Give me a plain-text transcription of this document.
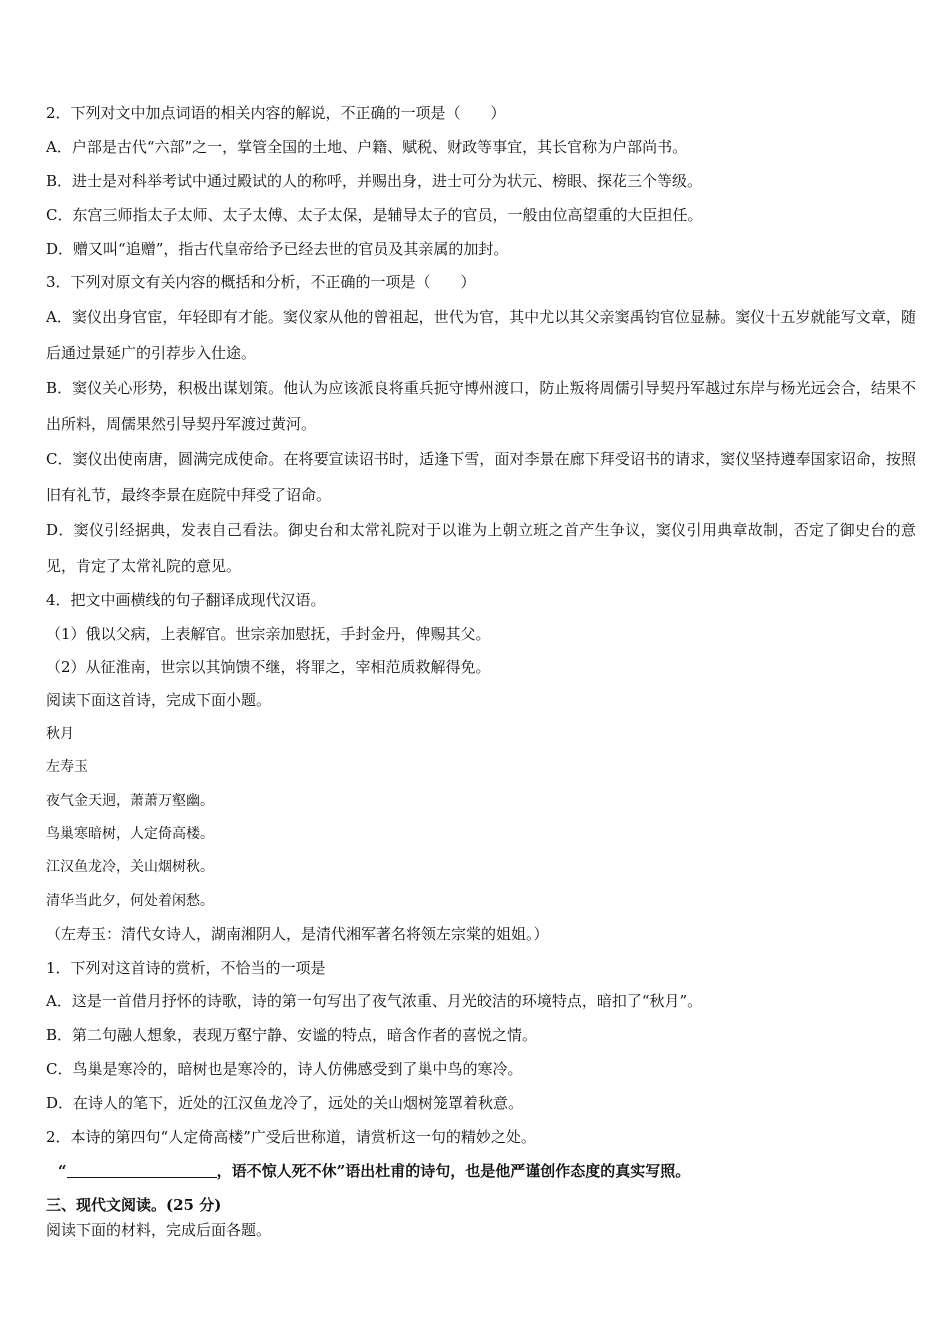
2．下列对文中加点词语的相关内容的解说，不正确的一项是（　　）
A．户部是古代“六部”之一，掌管全国的土地、户籍、赋税、财政等事宜，其长官称为户部尚书。
B．进士是对科举考试中通过殿试的人的称呼，并赐出身，进士可分为状元、榜眼、探花三个等级。
C．东宫三师指太子太师、太子太傅、太子太保，是辅导太子的官员，一般由位高望重的大臣担任。
D．赠又叫“追赠”，指古代皇帝给予已经去世的官员及其亲属的加封。
3．下列对原文有关内容的概括和分析，不正确的一项是（　　）
A．窦仪出身官宦，年轻即有才能。窦仪家从他的曾祖起，世代为官，其中尤以其父亲窦禹钧官位显赫。窦仪十五岁就能写文章，随后通过景延广的引荐步入仕途。
B．窦仪关心形势，积极出谋划策。他认为应该派良将重兵扼守博州渡口，防止叛将周儒引导契丹军越过东岸与杨光远会合，结果不出所料，周儒果然引导契丹军渡过黄河。
C．窦仪出使南唐，圆满完成使命。在将要宣读诏书时，适逢下雪，面对李景在廊下拜受诏书的请求，窦仪坚持遵奉国家诏命，按照旧有礼节，最终李景在庭院中拜受了诏命。
D．窦仪引经据典，发表自己看法。御史台和太常礼院对于以谁为上朝立班之首产生争议，窦仪引用典章故制，否定了御史台的意见，肯定了太常礼院的意见。
4．把文中画横线的句子翻译成现代汉语。
（1）俄以父病，上表解官。世宗亲加慰抚，手封金丹，俾赐其父。
（2）从征淮南，世宗以其饷馈不继，将罪之，宰相范质救解得免。
阅读下面这首诗，完成下面小题。
秋月
左寿玉
夜气金天迥，萧萧万壑幽。
鸟巢寒暗树，人定倚高楼。
江汉鱼龙冷，关山烟树秋。
清华当此夕，何处着闲愁。
（左寿玉：清代女诗人，湖南湘阴人，是清代湘军著名将领左宗棠的姐姐。）
1．下列对这首诗的赏析，不恰当的一项是
A．这是一首借月抒怀的诗歌，诗的第一句写出了夜气浓重、月光皎洁的环境特点，暗扣了“秋月”。
B．第二句融人想象，表现万壑宁静、安谧的特点，暗含作者的喜悦之情。
C．鸟巢是寒冷的，暗树也是寒冷的，诗人仿佛感受到了巢中鸟的寒冷。
D．在诗人的笔下，近处的江汉鱼龙冷了，远处的关山烟树笼罩着秋意。
2．本诗的第四句“人定倚高楼”广受后世称道，请赏析这一句的精妙之处。
“	，语不惊人死不休”语出杜甫的诗句，也是他严谨创作态度的真实写照。
三、现代文阅读。(25 分)
阅读下面的材料，完成后面各题。
